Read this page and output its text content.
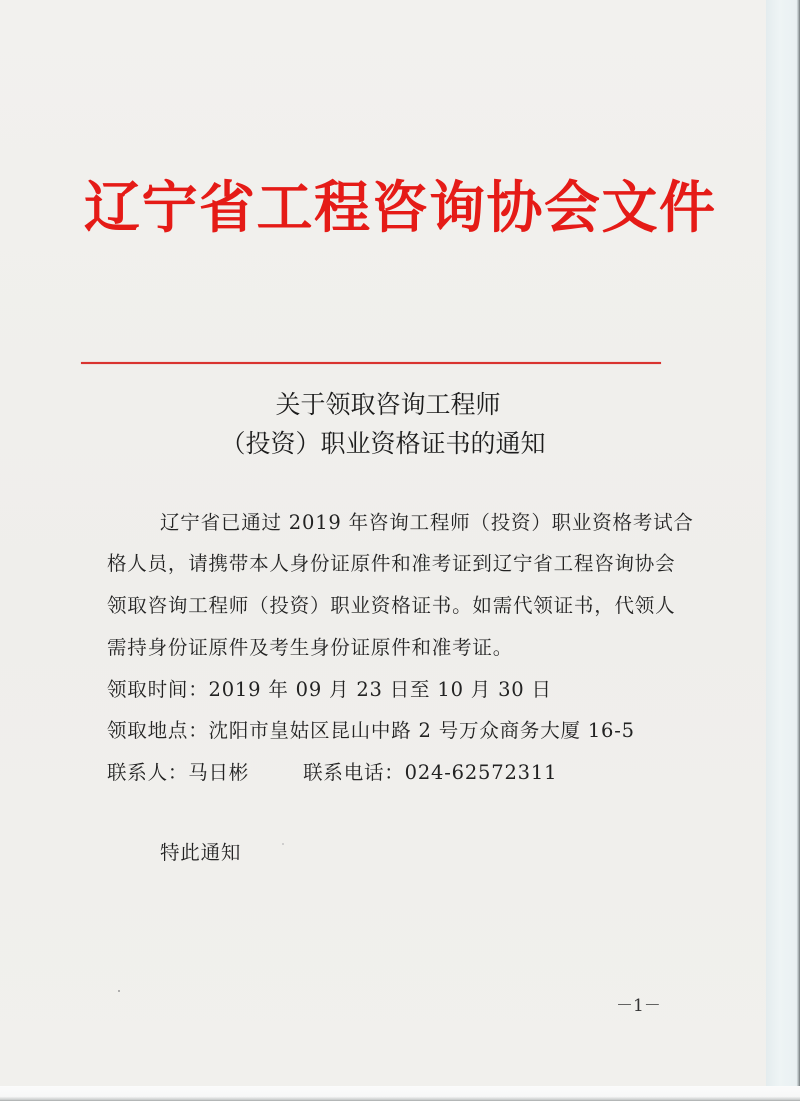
辽宁省工程咨询协会文件
关于领取咨询工程师
（投资）职业资格证书的通知
辽宁省已通过 2019 年咨询工程师（投资）职业资格考试合
格人员，请携带本人身份证原件和准考证到辽宁省工程咨询协会
领取咨询工程师（投资）职业资格证书。如需代领证书，代领人
需持身份证原件及考生身份证原件和准考证。
领取时间：2019 年 09 月 23 日至 10 月 30 日
领取地点：沈阳市皇姑区昆山中路 2 号万众商务大厦 16-5
联系人：马日彬	联系电话：024-62572311
特此通知
－1－
